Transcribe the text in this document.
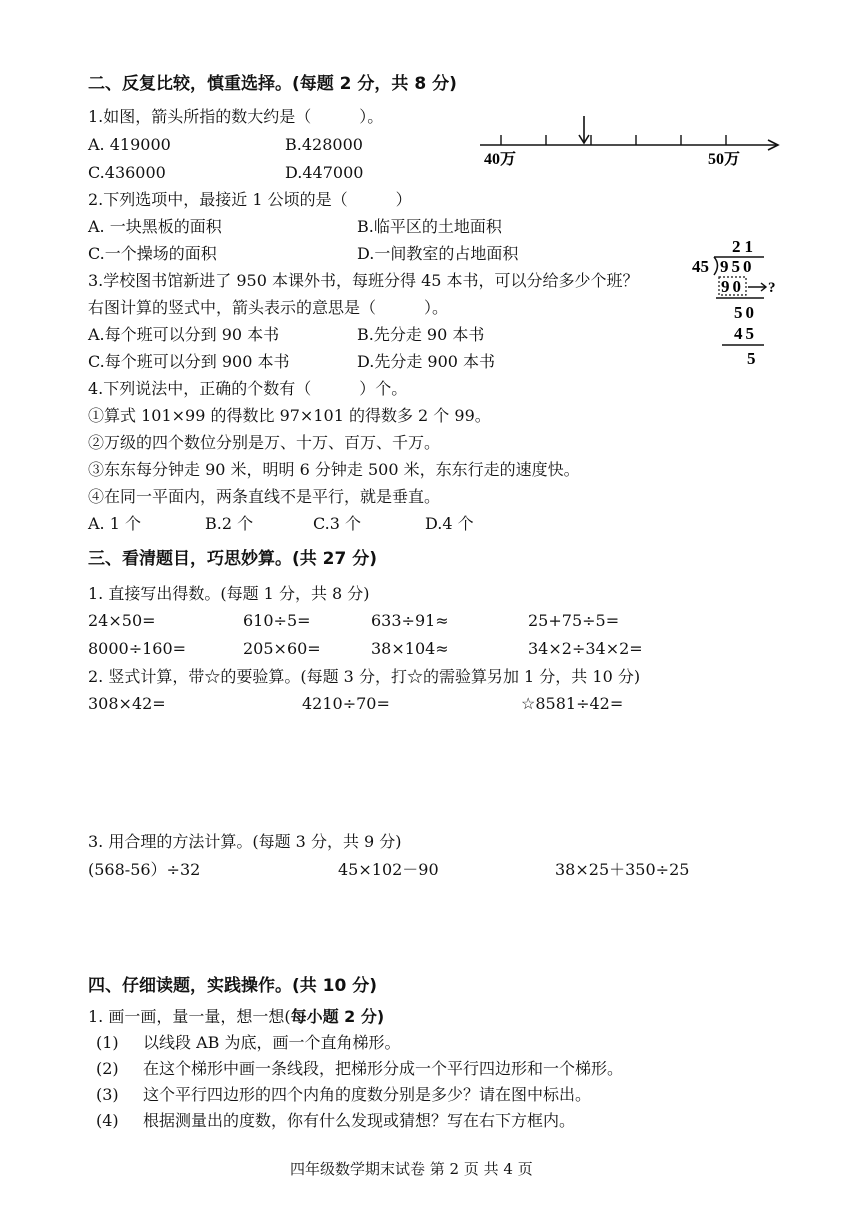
二、反复比较，慎重选择。(每题 2 分，共 8 分)
1.如图，箭头所指的数大约是（　　　）。
A. 419000	B.428000
C.436000	D.447000
40万	50万
2.下列选项中，最接近 1 公顷的是（　　　）
A. 一块黑板的面积	B.临平区的土地面积
C.一个操场的面积	D.一间教室的占地面积
3.学校图书馆新进了 950 本课外书，每班分得 45 本书，可以分给多少个班？
右图计算的竖式中，箭头表示的意思是（　　　）。
A.每个班可以分到 90 本书	B.先分走 90 本书
C.每个班可以分到 900 本书	D.先分走 900 本书
21
45 950
90 ?
50
45
5
4.下列说法中，正确的个数有（　　　）个。
①算式 101×99 的得数比 97×101 的得数多 2 个 99。
②万级的四个数位分别是万、十万、百万、千万。
③东东每分钟走 90 米，明明 6 分钟走 500 米，东东行走的速度快。
④在同一平面内，两条直线不是平行，就是垂直。
A. 1 个	B.2 个	C.3 个	D.4 个
三、看清题目，巧思妙算。(共 27 分)
1. 直接写出得数。(每题 1 分，共 8 分)
24×50=	610÷5=	633÷91≈	25+75÷5=
8000÷160=	205×60=	38×104≈	34×2÷34×2=
2. 竖式计算，带☆的要验算。(每题 3 分，打☆的需验算另加 1 分，共 10 分)
308×42=	4210÷70=	☆8581÷42=
3. 用合理的方法计算。(每题 3 分，共 9 分)
(568-56）÷32	45×102－90	38×25＋350÷25
四、仔细读题，实践操作。(共 10 分)
1. 画一画，量一量，想一想(每小题 2 分)
(1) 以线段 AB 为底，画一个直角梯形。
(2) 在这个梯形中画一条线段，把梯形分成一个平行四边形和一个梯形。
(3) 这个平行四边形的四个内角的度数分别是多少？请在图中标出。
(4) 根据测量出的度数，你有什么发现或猜想？写在右下方框内。
四年级数学期末试卷 第 2 页 共 4 页
